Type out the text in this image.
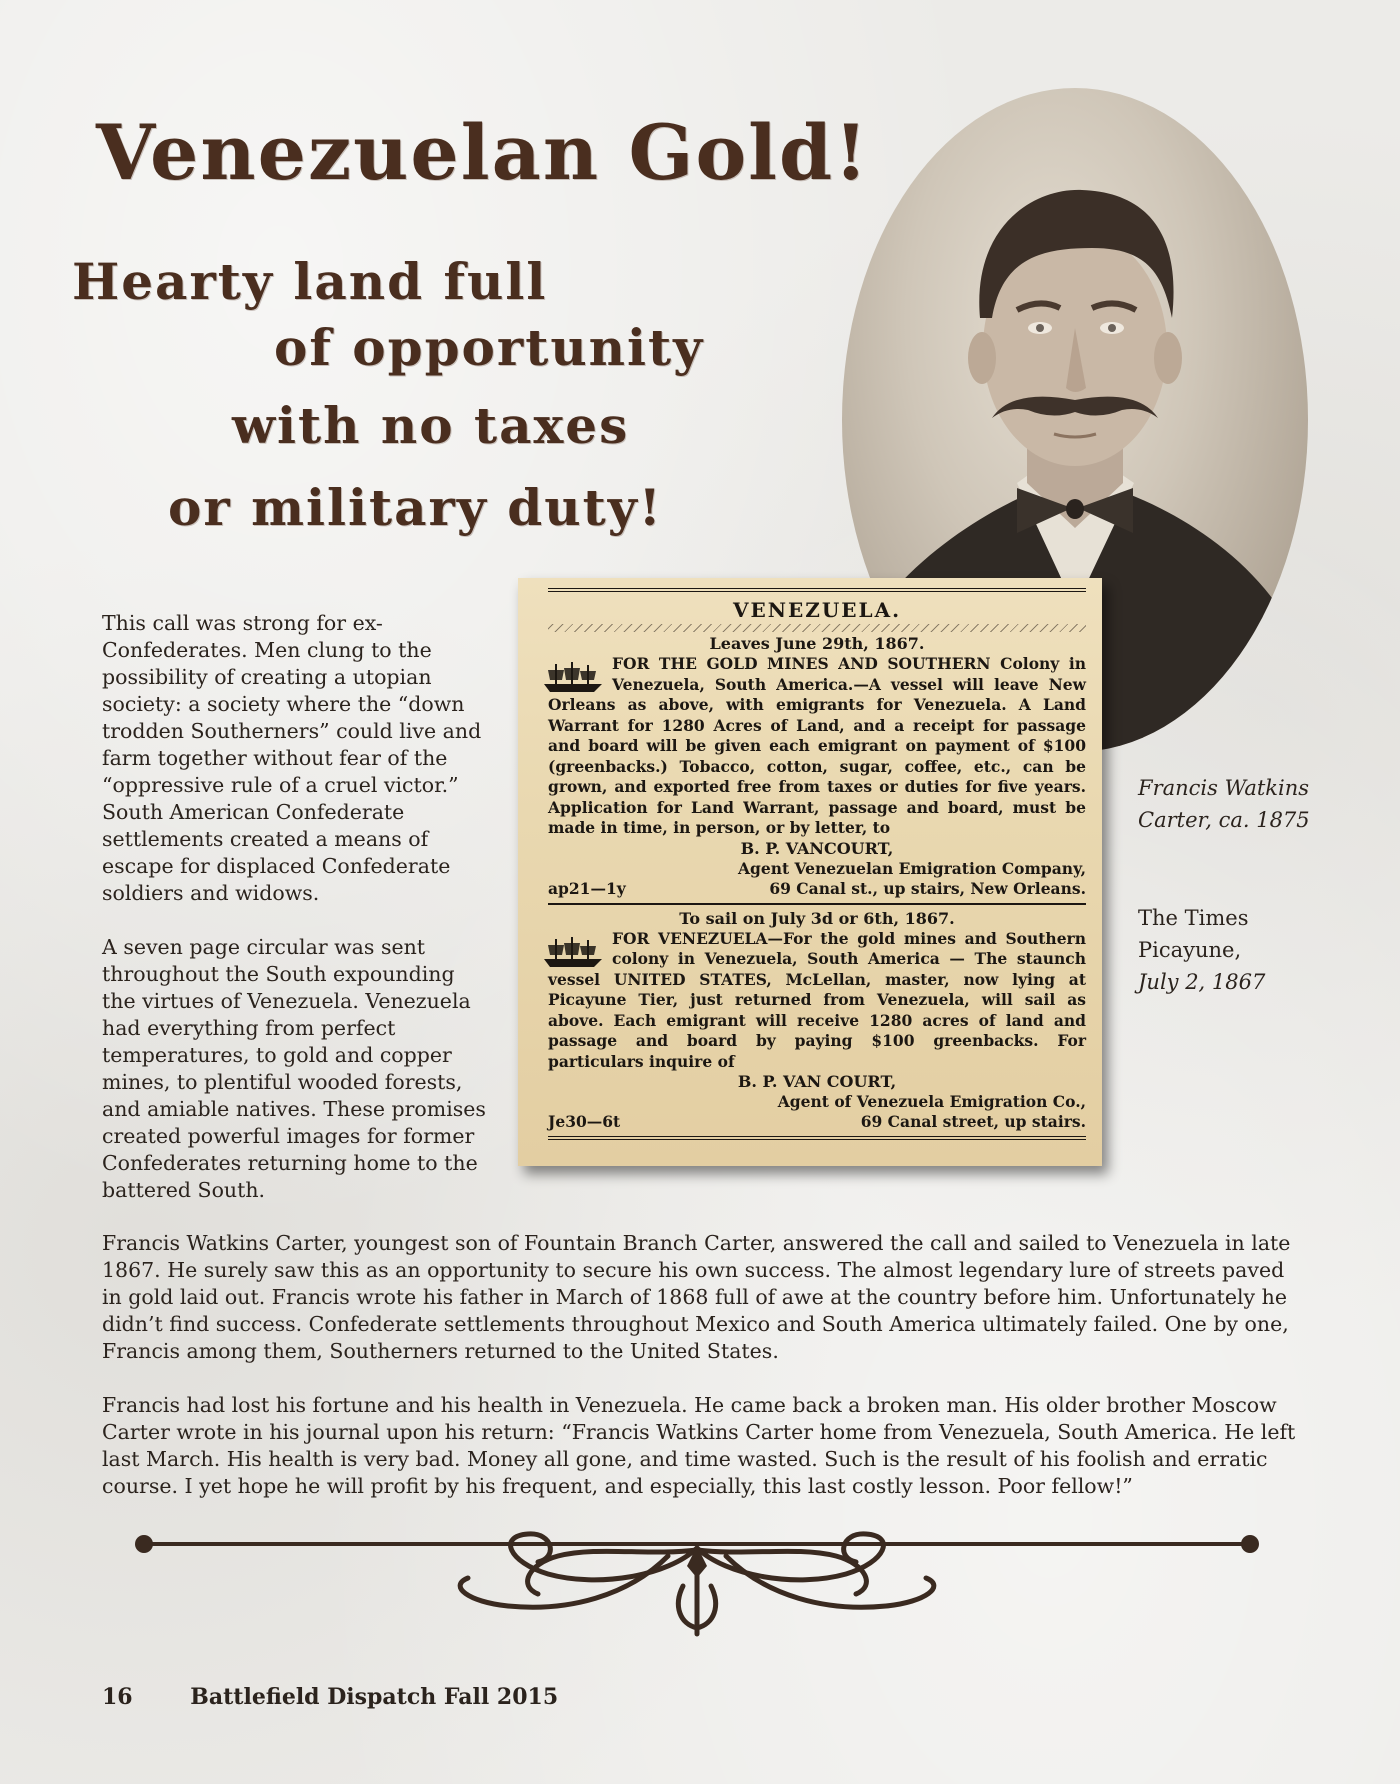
Venezuelan Gold!
Hearty land full
of opportunity
with no taxes
or military duty!
VENEZUELA.
Leaves June 29th, 1867.

FOR THE GOLD MINES AND SOUTHERN Colony in Venezuela, South America.—A vessel will leave New Orleans as above, with emigrants for Venezuela. A Land Warrant for 1280 Acres of Land, and a receipt for passage and board will be given each emigrant on payment of $100 (greenbacks.) Tobacco, cotton, sugar, coffee, etc., can be grown, and exported free from taxes or duties for five years. Application for Land Warrant, passage and board, must be made in time, in person, or by letter, to

B. P. VANCOURT,
Agent Venezuelan Emigration Company,
ap21—1y	69 Canal st., up stairs, New Orleans.
To sail on July 3d or 6th, 1867.

FOR VENEZUELA—For the gold mines and Southern colony in Venezuela, South America — The staunch vessel UNITED STATES, McLellan, master, now lying at Picayune Tier, just returned from Venezuela, will sail as above. Each emigrant will receive 1280 acres of land and passage and board by paying $100 greenbacks. For particulars inquire of

B. P. VAN COURT,
Agent of Venezuela Emigration Co.,
Je30—6t	69 Canal street, up stairs.

This call was strong for ex-Confederates. Men clung to the possibility of creating a utopian society: a society where the “down trodden Southerners” could live and farm together without fear of the “oppressive rule of a cruel victor.” South American Confederate settlements created a means of escape for displaced Confederate soldiers and widows.

A seven page circular was sent throughout the South expounding the virtues of Venezuela. Venezuela had everything from perfect temperatures, to gold and copper mines, to plentiful wooded forests, and amiable natives. These promises created powerful images for former Confederates returning home to the battered South.

Francis Watkins Carter, ca. 1875

The Times Picayune,
July 2, 1867

Francis Watkins Carter, youngest son of Fountain Branch Carter, answered the call and sailed to Venezuela in late 1867. He surely saw this as an opportunity to secure his own success. The almost legendary lure of streets paved in gold laid out. Francis wrote his father in March of 1868 full of awe at the country before him. Unfortunately he didn’t find success. Confederate settlements throughout Mexico and South America ultimately failed. One by one, Francis among them, Southerners returned to the United States.

Francis had lost his fortune and his health in Venezuela. He came back a broken man. His older brother Moscow Carter wrote in his journal upon his return: “Francis Watkins Carter home from Venezuela, South America. He left last March. His health is very bad. Money all gone, and time wasted. Such is the result of his foolish and erratic course. I yet hope he will profit by his frequent, and especially, this last costly lesson. Poor fellow!”

16	Battlefield Dispatch Fall 2015
